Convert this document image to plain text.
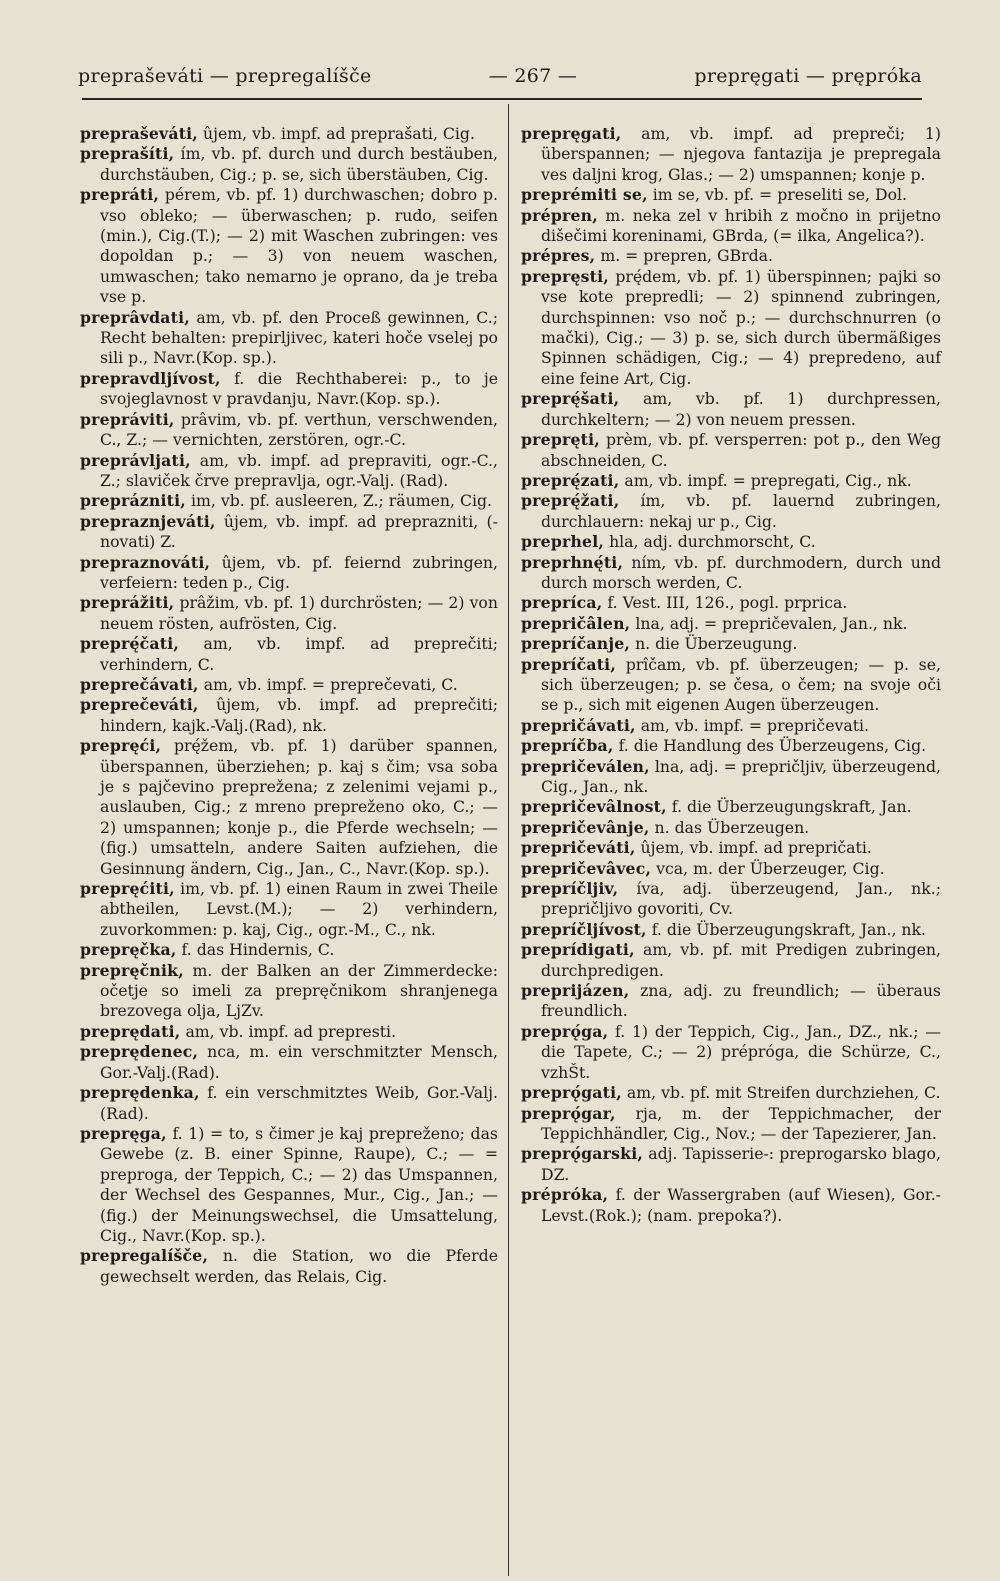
prepraševáti — prepregalíšče	— 267 —	prepręgati — prępróka

prepraševáti, ûjem, vb. impf. ad preprašati, Cig.

preprašíti, ím, vb. pf. durch und durch bestäuben, durchstäuben, Cig.; p. se, sich überstäuben, Cig.

prepráti, pérem, vb. pf. 1) durchwaschen; dobro p. vso obleko; — überwaschen; p. rudo, seifen (min.), Cig.(T.); — 2) mit Waschen zubringen: ves dopoldan p.; — 3) von neuem waschen, umwaschen; tako nemarno je oprano, da je treba vse p.

preprâvdati, am, vb. pf. den Proceß gewinnen, C.; Recht behalten: prepirljivec, kateri hoče vselej po sili p., Navr.(Kop. sp.).

prepravdljívost, f. die Rechthaberei: p., to je svojeglavnost v pravdanju, Navr.(Kop. sp.).

prepráviti, prâvim, vb. pf. verthun, verschwenden, C., Z.; — vernichten, zerstören, ogr.-C.

preprávljati, am, vb. impf. ad prepraviti, ogr.-C., Z.; slaviček črve prepravlja, ogr.-Valj. (Rad).

preprázniti, im, vb. pf. ausleeren, Z.; räumen, Cig.

prepraznjeváti, ûjem, vb. impf. ad preprazniti, (-novati) Z.

prepraznováti, ûjem, vb. pf. feiernd zubringen, verfeiern: teden p., Cig.

preprážiti, prâžim, vb. pf. 1) durchrösten; — 2) von neuem rösten, aufrösten, Cig.

preprę́čati, am, vb. impf. ad preprečiti; verhindern, C.

preprečávati, am, vb. impf. = preprečevati, C.

preprečeváti, ûjem, vb. impf. ad preprečiti; hindern, kajk.-Valj.(Rad), nk.

prepręći, prę́žem, vb. pf. 1) darüber spannen, überspannen, überziehen; p. kaj s čim; vsa soba je s pajčevino preprežena; z zelenimi vejami p., auslauben, Cig.; z mreno prepreženo oko, C.; — 2) umspannen; konje p., die Pferde wechseln; — (fig.) umsatteln, andere Saiten aufziehen, die Gesinnung ändern, Cig., Jan., C., Navr.(Kop. sp.).

prepręćiti, im, vb. pf. 1) einen Raum in zwei Theile abtheilen, Levst.(M.); — 2) verhindern, zuvorkommen: p. kaj, Cig., ogr.-M., C., nk.

prepręčka, f. das Hindernis, C.

prepręčnik, m. der Balken an der Zimmerdecke: očetje so imeli za prepręčnikom shranjenega brezovega olja, LjZv.

preprędati, am, vb. impf. ad prepresti.

preprędenec, nca, m. ein verschmitzter Mensch, Gor.-Valj.(Rad).

preprędenka, f. ein verschmitztes Weib, Gor.-Valj.(Rad).

prepręga, f. 1) = to, s čimer je kaj prepreženo; das Gewebe (z. B. einer Spinne, Raupe), C.; — = preproga, der Teppich, C.; — 2) das Umspannen, der Wechsel des Gespannes, Mur., Cig., Jan.; — (fig.) der Meinungswechsel, die Umsattelung, Cig., Navr.(Kop. sp.).

prepregalíšče, n. die Station, wo die Pferde gewechselt werden, das Relais, Cig.

prepręgati, am, vb. impf. ad prepreči; 1) überspannen; — njegova fantazija je prepregala ves daljni krog, Glas.; — 2) umspannen; konje p.

preprémiti se, im se, vb. pf. = preseliti se, Dol.

prépren, m. neka zel v hribih z močno in prijetno dišečimi koreninami, GBrda, (= ilka, Angelica?).

prépres, m. = prepren, GBrda.

prepręsti, prę́dem, vb. pf. 1) überspinnen; pajki so vse kote prepredli; — 2) spinnend zubringen, durchspinnen: vso noč p.; — durchschnurren (o mački), Cig.; — 3) p. se, sich durch übermäßiges Spinnen schädigen, Cig.; — 4) prepredeno, auf eine feine Art, Cig.

preprę́šati, am, vb. pf. 1) durchpressen, durchkeltern; — 2) von neuem pressen.

prepręti, prèm, vb. pf. versperren: pot p., den Weg abschneiden, C.

preprę́zati, am, vb. impf. = prepregati, Cig., nk.

preprę́žati, ím, vb. pf. lauernd zubringen, durchlauern: nekaj ur p., Cig.

preprhel, hla, adj. durchmorscht, C.

preprhnę́ti, ním, vb. pf. durchmodern, durch und durch morsch werden, C.

prepríca, f. Vest. III, 126., pogl. prprica.

prepričâlen, lna, adj. = prepričevalen, Jan., nk.

prepríčanje, n. die Überzeugung.

prepríčati, prîčam, vb. pf. überzeugen; — p. se, sich überzeugen; p. se česa, o čem; na svoje oči se p., sich mit eigenen Augen überzeugen.

prepričávati, am, vb. impf. = prepričevati.

prepríčba, f. die Handlung des Überzeugens, Cig.

prepričeválen, lna, adj. = prepričljiv, überzeugend, Cig., Jan., nk.

prepričevâlnost, f. die Überzeugungskraft, Jan.

prepričevânje, n. das Überzeugen.

prepričeváti, ûjem, vb. impf. ad prepričati.

prepričevâvec, vca, m. der Überzeuger, Cig.

prepríčljiv, íva, adj. überzeugend, Jan., nk.; prepričljivo govoriti, Cv.

prepríčljívost, f. die Überzeugungskraft, Jan., nk.

preprídigati, am, vb. pf. mit Predigen zubringen, durchpredigen.

preprijázen, zna, adj. zu freundlich; — überaus freundlich.

preprǫ́ga, f. 1) der Teppich, Cig., Jan., DZ., nk.; — die Tapete, C.; — 2) prépróga, die Schürze, C., vzhŠt.

preprǫ́gati, am, vb. pf. mit Streifen durchziehen, C.

preprǫ́gar, rja, m. der Teppichmacher, der Teppichhändler, Cig., Nov.; — der Tapezierer, Jan.

preprǫ́garski, adj. Tapisserie-: preprogarsko blago, DZ.

prépróka, f. der Wassergraben (auf Wiesen), Gor.-Levst.(Rok.); (nam. prepoka?).
